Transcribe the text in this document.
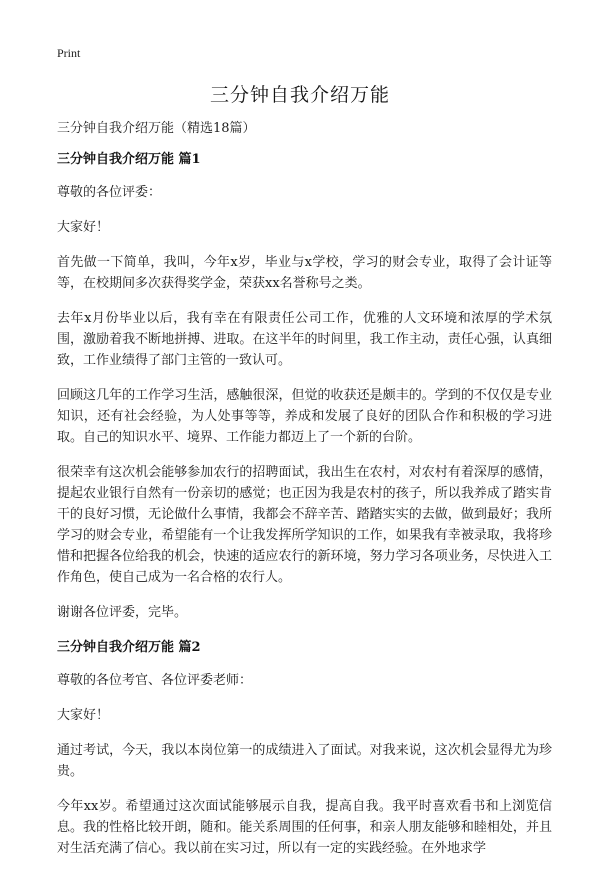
Print

三分钟自我介绍万能

三分钟自我介绍万能（精选18篇）

三分钟自我介绍万能 篇1

尊敬的各位评委：

大家好！

首先做一下简单，我叫，今年x岁，毕业与x学校，学习的财会专业，取得了会计证等等，在校期间多次获得奖学金，荣获xx名誉称号之类。

去年x月份毕业以后，我有幸在有限责任公司工作，优雅的人文环境和浓厚的学术氛围，激励着我不断地拼搏、进取。在这半年的时间里，我工作主动，责任心强，认真细致，工作业绩得了部门主管的一致认可。

回顾这几年的工作学习生活，感触很深，但觉的收获还是颇丰的。学到的不仅仅是专业知识，还有社会经验，为人处事等等，养成和发展了良好的团队合作和积极的学习进取。自己的知识水平、境界、工作能力都迈上了一个新的台阶。

很荣幸有这次机会能够参加农行的招聘面试，我出生在农村，对农村有着深厚的感情，提起农业银行自然有一份亲切的感觉；也正因为我是农村的孩子，所以我养成了踏实肯干的良好习惯，无论做什么事情，我都会不辞辛苦、踏踏实实的去做，做到最好；我所学习的财会专业，希望能有一个让我发挥所学知识的工作，如果我有幸被录取，我将珍惜和把握各位给我的机会，快速的适应农行的新环境，努力学习各项业务，尽快进入工作角色，使自己成为一名合格的农行人。

谢谢各位评委，完毕。

三分钟自我介绍万能 篇2

尊敬的各位考官、各位评委老师：

大家好！

通过考试，今天，我以本岗位第一的成绩进入了面试。对我来说，这次机会显得尤为珍贵。

今年xx岁。希望通过这次面试能够展示自我，提高自我。我平时喜欢看书和上浏览信息。我的性格比较开朗，随和。能关系周围的任何事，和亲人朋友能够和睦相处，并且对生活充满了信心。我以前在实习过，所以有一定的实践经验。在外地求学
